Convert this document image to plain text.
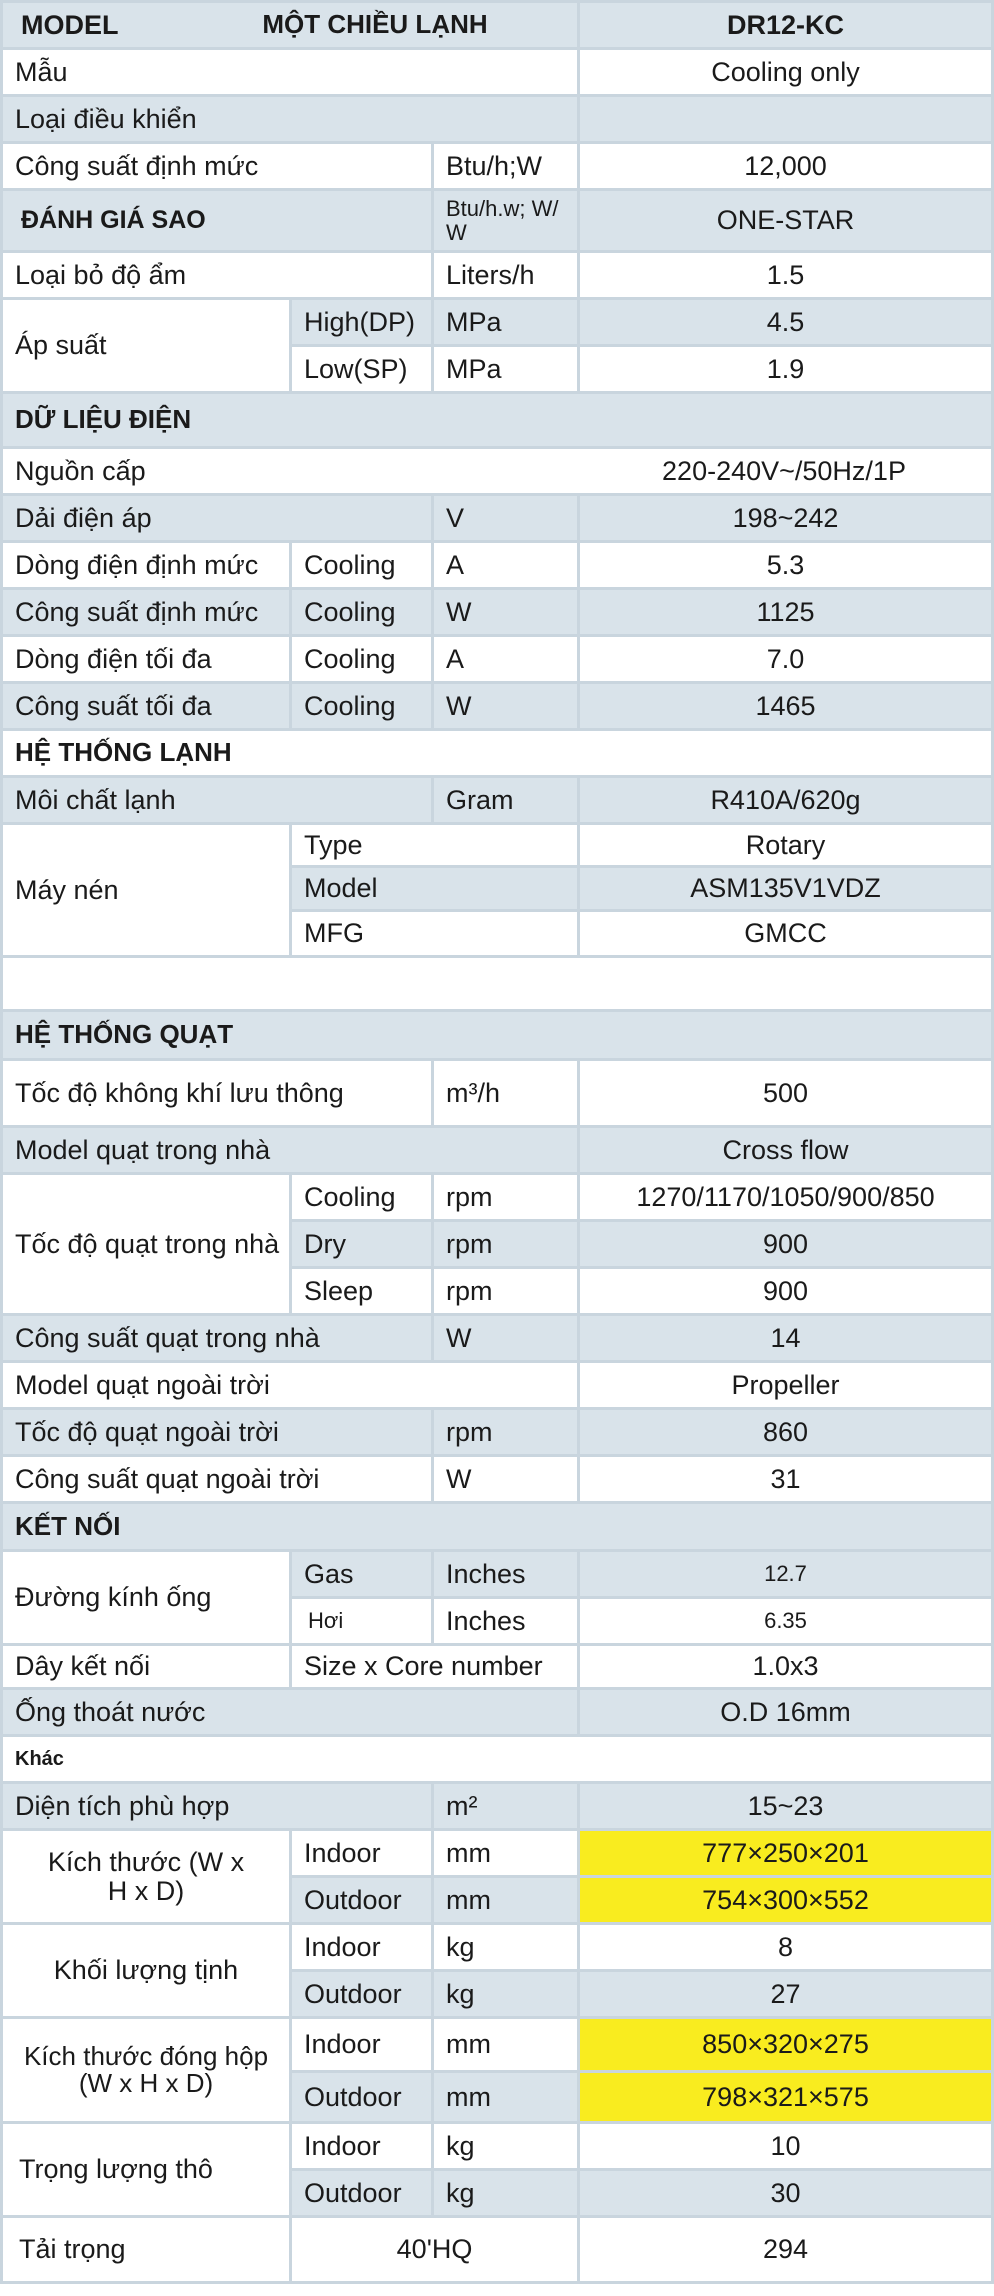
MODEL	MỘT CHIỀU LẠNH	DR12-KC
Mẫu	Cooling only
Loại điều khiển
Công suất định mức	Btu/h;W	12,000
ĐÁNH GIÁ SAO	Btu/h.w; W/ W	ONE-STAR
Loại bỏ độ ẩm	Liters/h	1.5
Áp suất
High(DP)	MPa	4.5
Low(SP)	MPa	1.9
DỮ LIỆU ĐIỆN
Nguồn cấp	220-240V~/50Hz/1P
Dải điện áp	V	198~242
Dòng điện định mức	Cooling	A	5.3
Công suất định mức	Cooling	W	1125
Dòng điện tối đa	Cooling	A	7.0
Công suất tối đa	Cooling	W	1465
HỆ THỐNG LẠNH
Môi chất lạnh	Gram	R410A/620g
Máy nén
Type	Rotary
Model	ASM135V1VDZ
MFG	GMCC
HỆ THỐNG QUẠT
Tốc độ không khí lưu thông	m³/h	500
Model quạt trong nhà	Cross flow
Tốc độ quạt trong nhà
Cooling	rpm	1270/1170/1050/900/850
Dry	rpm	900
Sleep	rpm	900
Công suất quạt trong nhà	W	14
Model quạt ngoài trời	Propeller
Tốc độ quạt ngoài trời	rpm	860
Công suất quạt ngoài trời	W	31
KẾT NỐI
Đường kính ống
Gas	Inches	12.7
Hơi	Inches	6.35
Dây kết nối	Size x Core number	1.0x3
Ống thoát nước	O.D 16mm
Khác
Diện tích phù hợp	m²	15~23
Kích thước (W x H x D)
Indoor	mm	777×250×201
Outdoor	mm	754×300×552
Khối lượng tịnh
Indoor	kg	8
Outdoor	kg	27
Kích thước đóng hộp (W x H x D)
Indoor	mm	850×320×275
Outdoor	mm	798×321×575
Trọng lượng thô
Indoor	kg	10
Outdoor	kg	30
Tải trọng	40'HQ	294
